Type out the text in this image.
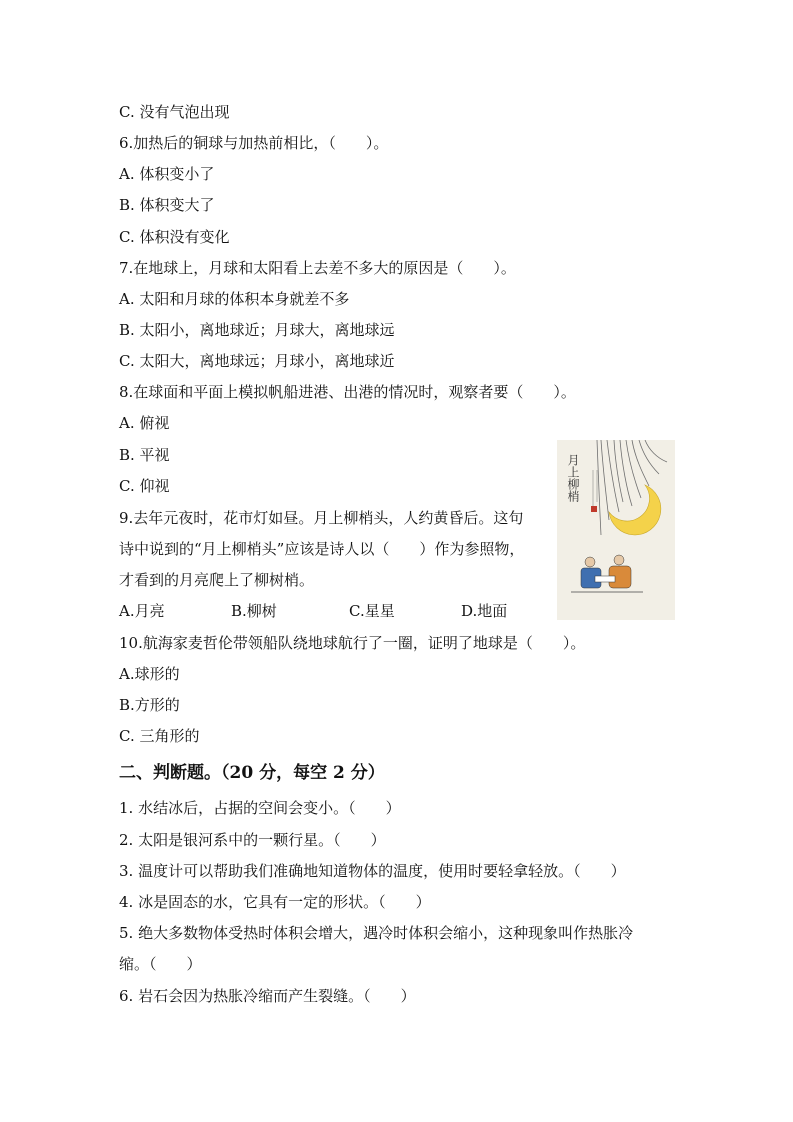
C. 没有气泡出现
6.加热后的铜球与加热前相比，（　　）。
A. 体积变小了
B. 体积变大了
C. 体积没有变化
7.在地球上，月球和太阳看上去差不多大的原因是（　　）。
A. 太阳和月球的体积本身就差不多
B. 太阳小，离地球近；月球大，离地球远
C. 太阳大，离地球远；月球小，离地球近
8.在球面和平面上模拟帆船进港、出港的情况时，观察者要（　　）。
A. 俯视
B. 平视
C. 仰视
9.去年元夜时，花市灯如昼。月上柳梢头，人约黄昏后。这句
诗中说到的“月上柳梢头”应该是诗人以（　　）作为参照物，
才看到的月亮爬上了柳树梢。
A.月亮	B.柳树	C.星星	D.地面
月上柳梢
10.航海家麦哲伦带领船队绕地球航行了一圈，证明了地球是（　　）。
A.球形的
B.方形的
C. 三角形的
二、判断题。（20 分，每空 2 分）
1. 水结冰后，占据的空间会变小。（　　）
2. 太阳是银河系中的一颗行星。（　　）
3. 温度计可以帮助我们准确地知道物体的温度，使用时要轻拿轻放。（　　）
4. 冰是固态的水，它具有一定的形状。（　　）
5. 绝大多数物体受热时体积会增大，遇冷时体积会缩小，这种现象叫作热胀冷
缩。（　　）
6. 岩石会因为热胀冷缩而产生裂缝。（　　）
